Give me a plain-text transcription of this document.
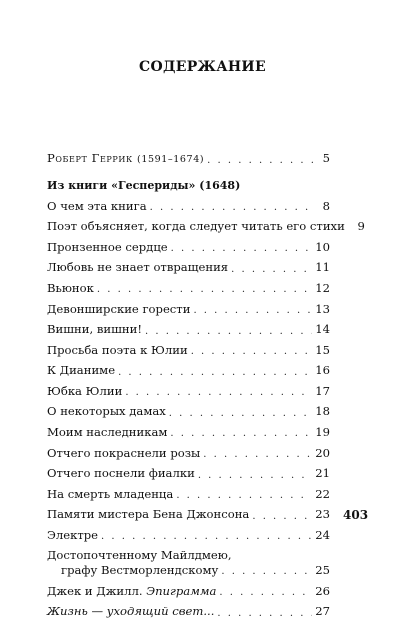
СОДЕРЖАНИЕ
Роберт Геррик (1591–1674) . . .	5
Из книги «Геспериды» (1648)
О чем эта книга . . .	8
Поэт объясняет, когда следует читать его стихи	9
Пронзенное сердце . . .	10
Любовь не знает отвращения . . .	11
Вьюнок . . .	12
Девонширские горести . . .	13
Вишни, вишни! . . .	14
Просьба поэта к Юлии . . .	15
К Дианиме . . .	16
Юбка Юлии . . .	17
О некоторых дамах . . .	18
Моим наследникам . . .	19
Отчего покраснели розы . . .	20
Отчего поснели фиалки . . .	21
На смерть младенца . . .	22
Памяти мистера Бена Джонсона . . .	23
Электре . . .	24
Достопочтенному Майлдмею,
графу Вестморлендскому . . .	25
Джек и Джилл. Эпиграмма . . .	26
Жизнь — уходящий свет... . . .	27
403
